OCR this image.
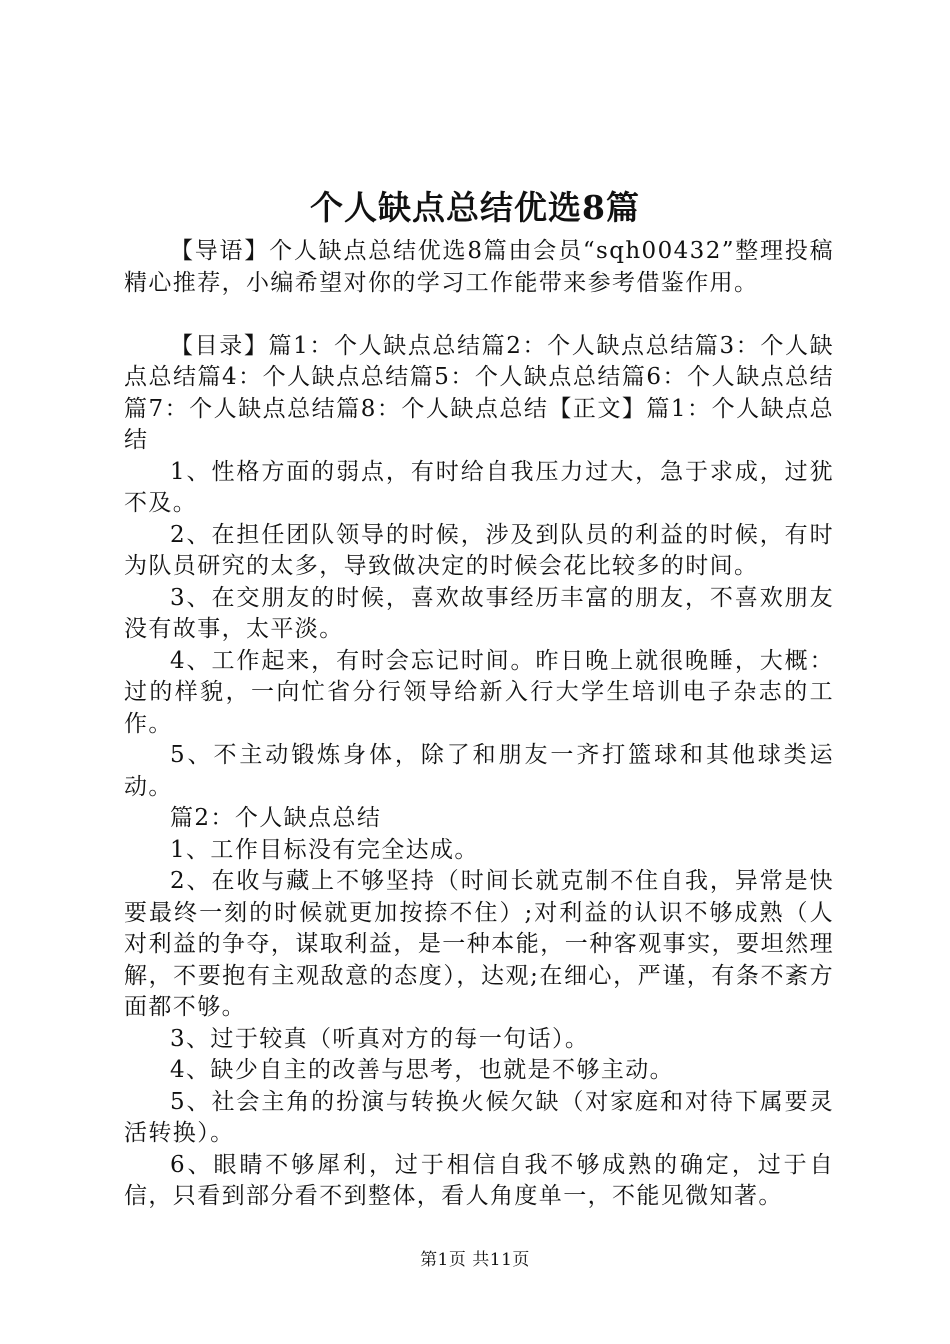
个人缺点总结优选8篇

【导语】个人缺点总结优选8篇由会员“sqh00432”整理投稿精心推荐，小编希望对你的学习工作能带来参考借鉴作用。

【目录】篇1：个人缺点总结篇2：个人缺点总结篇3：个人缺点总结篇4：个人缺点总结篇5：个人缺点总结篇6：个人缺点总结篇7：个人缺点总结篇8：个人缺点总结【正文】篇1：个人缺点总结

1、性格方面的弱点，有时给自我压力过大，急于求成，过犹不及。

2、在担任团队领导的时候，涉及到队员的利益的时候，有时为队员研究的太多，导致做决定的时候会花比较多的时间。

3、在交朋友的时候，喜欢故事经历丰富的朋友，不喜欢朋友没有故事，太平淡。

4、工作起来，有时会忘记时间。昨日晚上就很晚睡，大概：过的样貌，一向忙省分行领导给新入行大学生培训电子杂志的工作。

5、不主动锻炼身体，除了和朋友一齐打篮球和其他球类运动。

篇2：个人缺点总结

1、工作目标没有完全达成。

2、在收与藏上不够坚持（时间长就克制不住自我，异常是快要最终一刻的时候就更加按捺不住）;对利益的认识不够成熟（人对利益的争夺，谋取利益，是一种本能，一种客观事实，要坦然理解，不要抱有主观敌意的态度），达观;在细心，严谨，有条不紊方面都不够。

3、过于较真（听真对方的每一句话）。

4、缺少自主的改善与思考，也就是不够主动。

5、社会主角的扮演与转换火候欠缺（对家庭和对待下属要灵活转换）。

6、眼睛不够犀利，过于相信自我不够成熟的确定，过于自信，只看到部分看不到整体，看人角度单一，不能见微知著。

第1页 共11页
